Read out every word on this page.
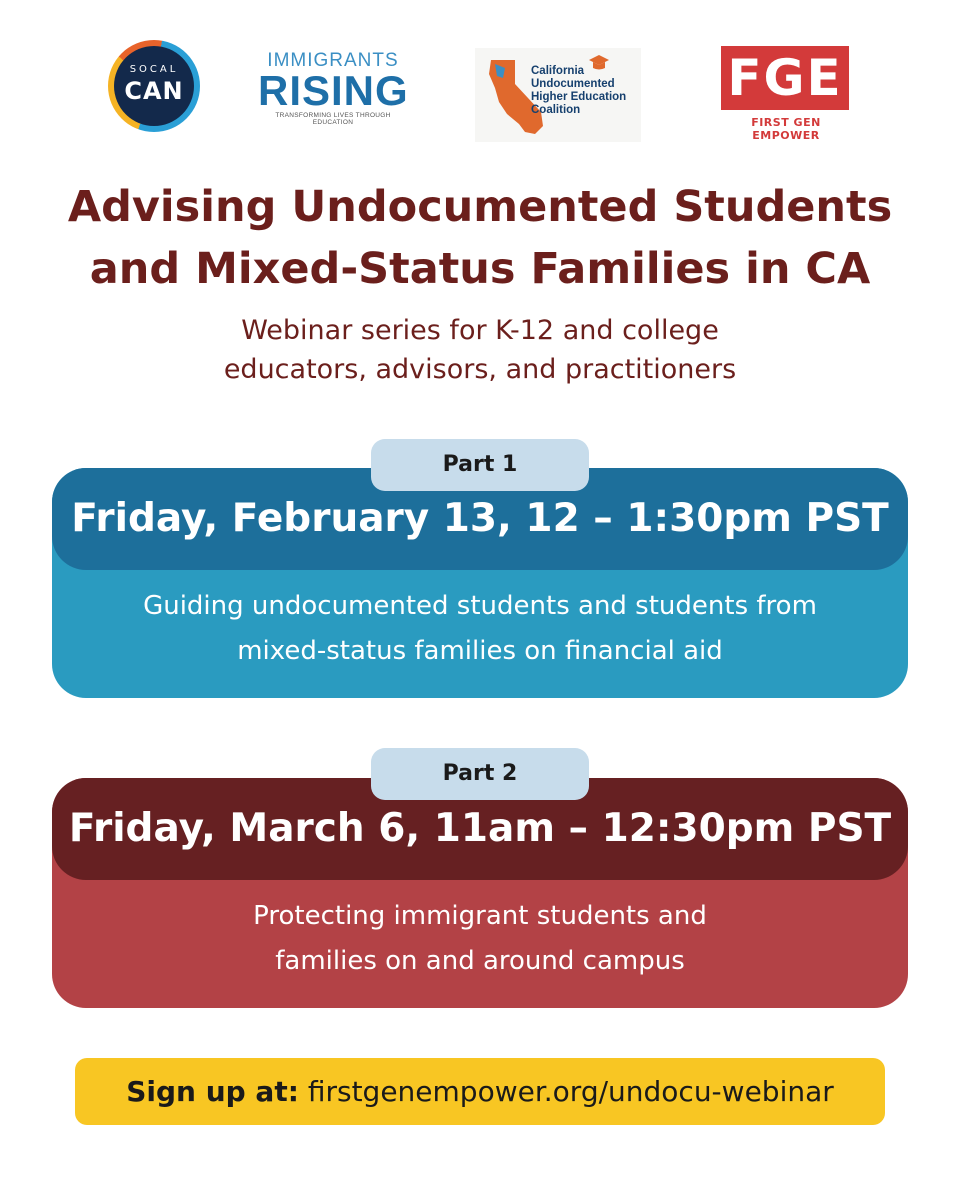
SOCAL
CAN
IMMIGRANTS
RISING
TRANSFORMING LIVES THROUGH EDUCATION
California
Undocumented
Higher Education
Coalition
FGE
FIRST GEN EMPOWER
Advising Undocumented Students
and Mixed-Status Families in CA
Webinar series for K-12 and college
educators, advisors, and practitioners
Part 1
Friday, February 13, 12 – 1:30pm PST
Guiding undocumented students and students from
mixed-status families on financial aid
Part 2
Friday, March 6, 11am – 12:30pm PST
Protecting immigrant students and
families on and around campus
Sign up at: firstgenempower.org/undocu-webinar
